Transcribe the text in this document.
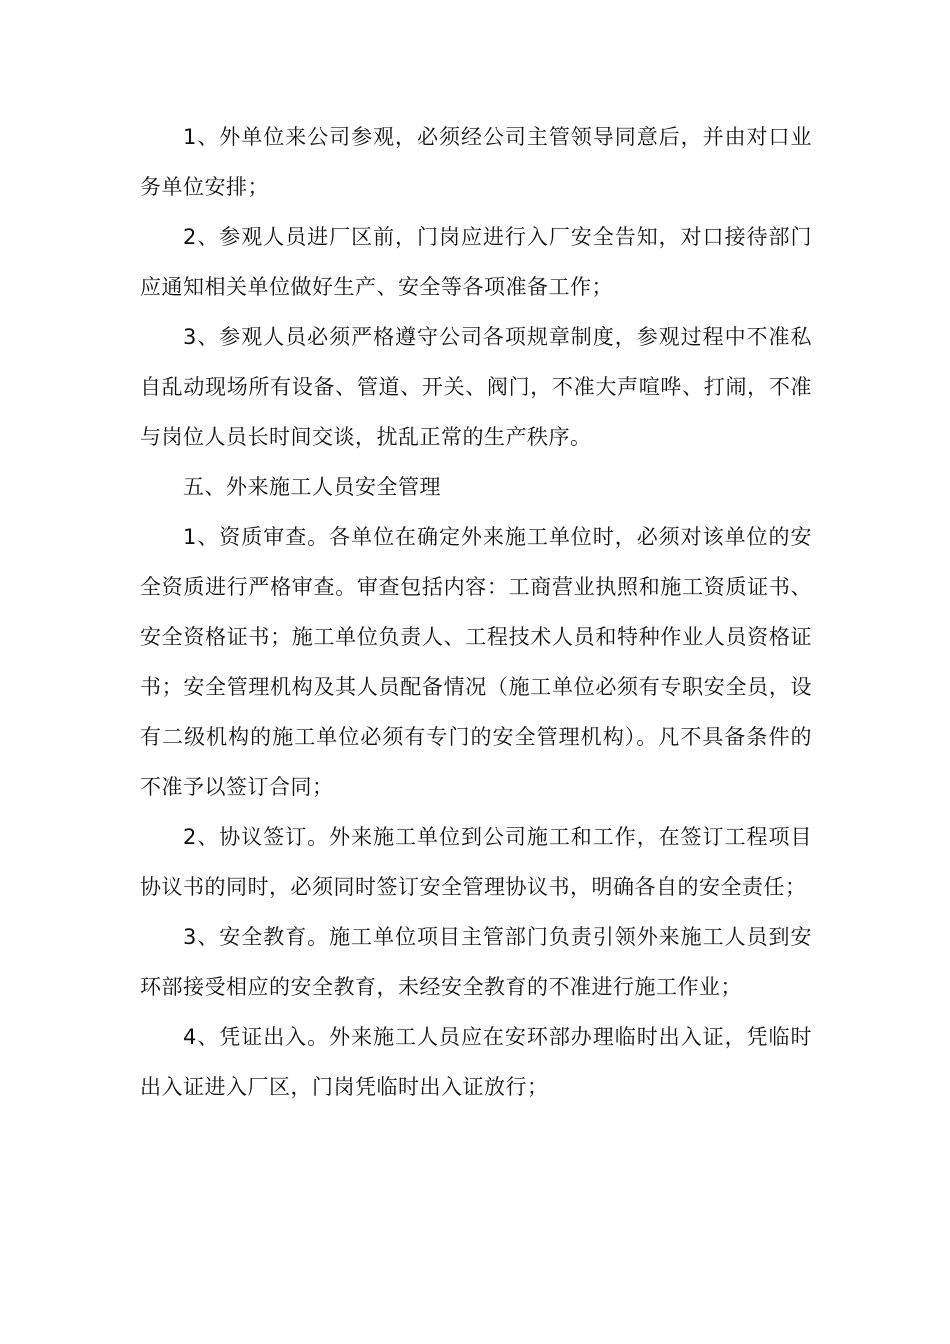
1、外单位来公司参观，必须经公司主管领导同意后，并由对口业务单位安排；

2、参观人员进厂区前，门岗应进行入厂安全告知，对口接待部门应通知相关单位做好生产、安全等各项准备工作；

3、参观人员必须严格遵守公司各项规章制度，参观过程中不准私自乱动现场所有设备、管道、开关、阀门，不准大声喧哗、打闹，不准与岗位人员长时间交谈，扰乱正常的生产秩序。

五、外来施工人员安全管理

1、资质审查。各单位在确定外来施工单位时，必须对该单位的安全资质进行严格审查。审查包括内容：工商营业执照和施工资质证书、安全资格证书；施工单位负责人、工程技术人员和特种作业人员资格证书；安全管理机构及其人员配备情况（施工单位必须有专职安全员，设有二级机构的施工单位必须有专门的安全管理机构）。凡不具备条件的不准予以签订合同；

2、协议签订。外来施工单位到公司施工和工作，在签订工程项目协议书的同时，必须同时签订安全管理协议书，明确各自的安全责任；

3、安全教育。施工单位项目主管部门负责引领外来施工人员到安环部接受相应的安全教育，未经安全教育的不准进行施工作业；

4、凭证出入。外来施工人员应在安环部办理临时出入证，凭临时出入证进入厂区，门岗凭临时出入证放行；
